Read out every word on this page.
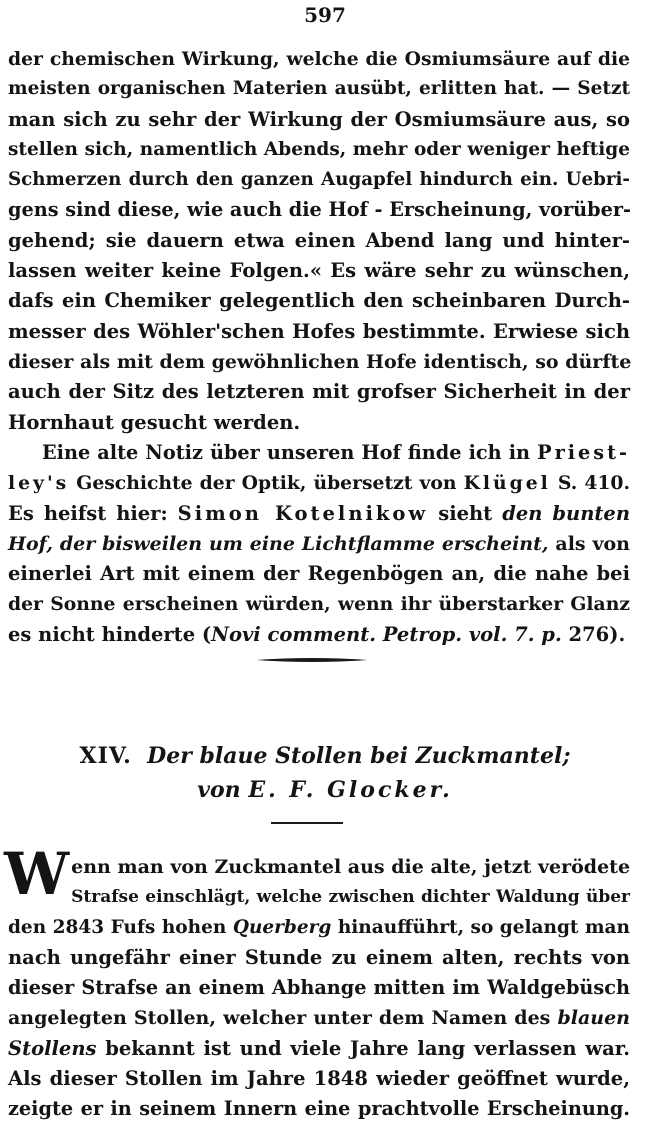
597
der chemischen Wirkung, welche die Osmiumsäure auf die
meisten organischen Materien ausübt, erlitten hat. — Setzt
man sich zu sehr der Wirkung der Osmiumsäure aus, so
stellen sich, namentlich Abends, mehr oder weniger heftige
Schmerzen durch den ganzen Augapfel hindurch ein. Uebri-
gens sind diese, wie auch die Hof - Erscheinung, vorüber-
gehend; sie dauern etwa einen Abend lang und hinter-
lassen weiter keine Folgen.« Es wäre sehr zu wünschen,
dafs ein Chemiker gelegentlich den scheinbaren Durch-
messer des Wöhler'schen Hofes bestimmte. Erwiese sich
dieser als mit dem gewöhnlichen Hofe identisch, so dürfte
auch der Sitz des letzteren mit grofser Sicherheit in der
Hornhaut gesucht werden.
Eine alte Notiz über unseren Hof finde ich in Priest-
ley's Geschichte der Optik, übersetzt von Klügel S. 410.
Es heifst hier: Simon Kotelnikow sieht den bunten
Hof, der bisweilen um eine Lichtflamme erscheint, als von
einerlei Art mit einem der Regenbögen an, die nahe bei
der Sonne erscheinen würden, wenn ihr überstarker Glanz
es nicht hinderte (Novi comment. Petrop. vol. 7. p. 276).
XIV. Der blaue Stollen bei Zuckmantel;
von E. F. Glocker.
W enn man von Zuckmantel aus die alte, jetzt verödete
Strafse einschlägt, welche zwischen dichter Waldung über
den 2843 Fufs hohen Querberg hinaufführt, so gelangt man
nach ungefähr einer Stunde zu einem alten, rechts von
dieser Strafse an einem Abhange mitten im Waldgebüsch
angelegten Stollen, welcher unter dem Namen des blauen
Stollens bekannt ist und viele Jahre lang verlassen war.
Als dieser Stollen im Jahre 1848 wieder geöffnet wurde,
zeigte er in seinem Innern eine prachtvolle Erscheinung.
